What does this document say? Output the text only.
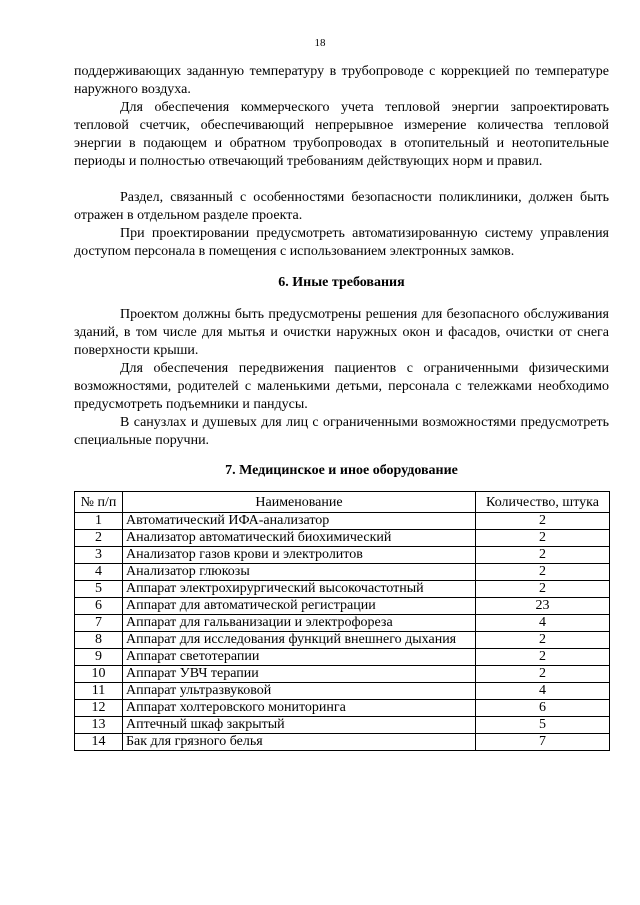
18

поддерживающих заданную температуру в трубопроводе с коррекцией по температуре наружного воздуха.

Для обеспечения коммерческого учета тепловой энергии запроектировать тепловой счетчик, обеспечивающий непрерывное измерение количества тепловой энергии в подающем и обратном трубопроводах в отопительный и неотопительные периоды и полностью отвечающий требованиям действующих норм и правил.

Раздел, связанный с особенностями безопасности поликлиники, должен быть отражен в отдельном разделе проекта.

При проектировании предусмотреть автоматизированную систему управления доступом персонала в помещения с использованием электронных замков.

6. Иные требования

Проектом должны быть предусмотрены решения для безопасного обслуживания зданий, в том числе для мытья и очистки наружных окон и фасадов, очистки от снега поверхности крыши.

Для обеспечения передвижения пациентов с ограниченными физическими возможностями, родителей с маленькими детьми, персонала с тележками необходимо предусмотреть подъемники и пандусы.

В санузлах и душевых для лиц с ограниченными возможностями предусмотреть специальные поручни.

7. Медицинское и иное оборудование
№ п/п	Наименование	Количество, штука
1	Автоматический ИФА-анализатор	2
2	Анализатор автоматический биохимический	2
3	Анализатор газов крови и электролитов	2
4	Анализатор глюкозы	2
5	Аппарат электрохирургический высокочастотный	2
6	Аппарат для автоматической регистрации	23
7	Аппарат для гальванизации и электрофореза	4
8	Аппарат для исследования функций внешнего дыхания	2
9	Аппарат светотерапии	2
10	Аппарат УВЧ терапии	2
11	Аппарат ультразвуковой	4
12	Аппарат холтеровского мониторинга	6
13	Аптечный шкаф закрытый	5
14	Бак для грязного белья	7
